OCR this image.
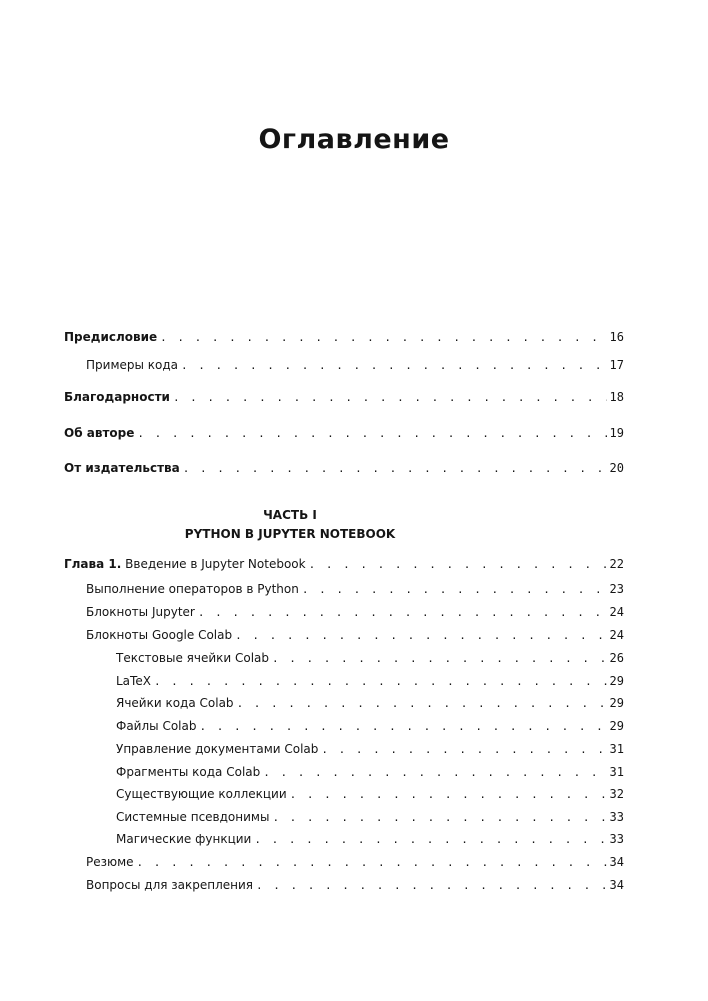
Оглавление
Предисловие . . .	16
Примеры кода . . .	17
Благодарности . . .	18
Об авторе . . .	19
От издательства . . .	20
ЧАСТЬ I
PYTHON В JUPYTER NOTEBOOK
Глава 1. Введение в Jupyter Notebook . . .	22
Выполнение операторов в Python . . .	23
Блокноты Jupyter . . .	24
Блокноты Google Colab . . .	24
Текстовые ячейки Colab . . .	26
LaTeX . . .	29
Ячейки кода Colab . . .	29
Файлы Colab . . .	29
Управление документами Colab . . .	31
Фрагменты кода Colab . . .	31
Существующие коллекции . . .	32
Системные псевдонимы . . .	33
Магические функции . . .	33
Резюме . . .	34
Вопросы для закрепления . . .	34
